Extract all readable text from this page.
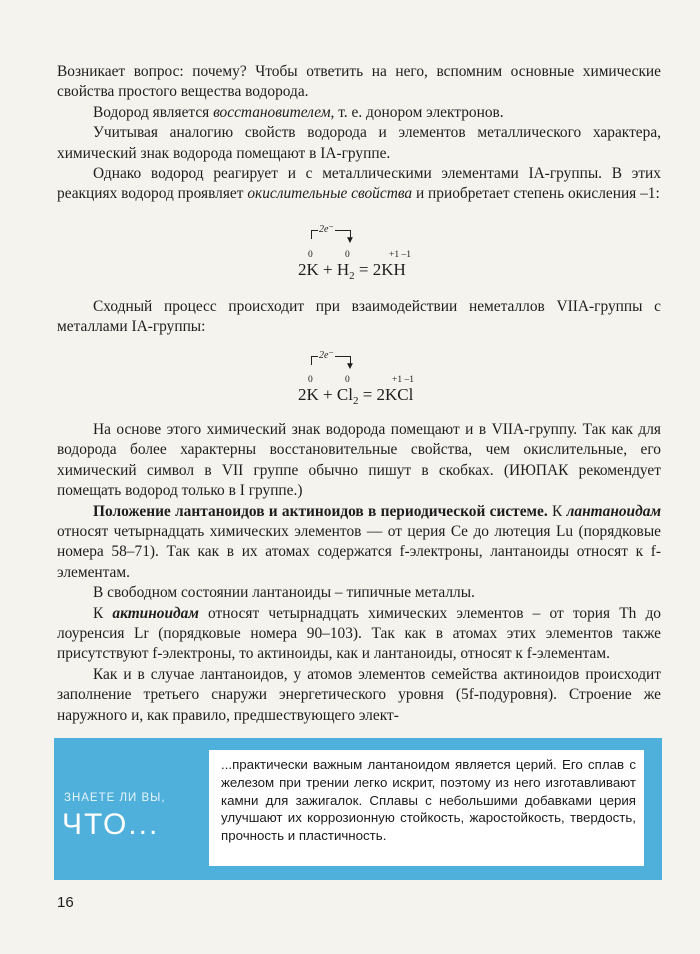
Возникает вопрос: почему? Чтобы ответить на него, вспомним основные химические свойства простого вещества водорода.

Водород является восстановителем, т. е. донором электронов.

Учитывая аналогию свойств водорода и элементов металлического характера, химический знак водорода помещают в IA-группе.

Однако водород реагирует и с металлическими элементами IA-группы. В этих реакциях водород проявляет окислительные свойства и приобретает степень окисления –1:

2e⁻
▼
0	0	+1 –1
$2K + H_2 = 2KH$

Сходный процесс происходит при взаимодействии неметаллов VIIA-группы с металлами IA-группы:

2e⁻
▼
0	0	+1 –1
$2K + Cl_2 = 2KCl$

На основе этого химический знак водорода помещают и в VIIA-группу. Так как для водорода более характерны восстановительные свойства, чем окислительные, его химический символ в VII группе обычно пишут в скобках. (ИЮПАК рекомендует помещать водород только в I группе.)

Положение лантаноидов и актиноидов в периодической системе. К лантаноидам относят четырнадцать химических элементов — от церия Ce до лютеция Lu (порядковые номера 58–71). Так как в их атомах содержатся f-электроны, лантаноиды относят к f-элементам.

В свободном состоянии лантаноиды – типичные металлы.

К актиноидам относят четырнадцать химических элементов – от тория Th до лоуренсия Lr (порядковые номера 90–103). Так как в атомах этих элементов также присутствуют f-электроны, то актиноиды, как и лантаноиды, относят к f-элементам.

Как и в случае лантаноидов, у атомов элементов семейства актиноидов происходит заполнение третьего снаружи энергетического уровня (5f-подуровня). Строение же наружного и, как правило, предшествующего элект-

ЗНАЕТЕ ЛИ ВЫ,
ЧТО...
...практически важным лантаноидом является церий. Его сплав с железом при трении легко искрит, поэтому из него изготавливают камни для зажигалок. Сплавы с небольшими добавками церия улучшают их коррозионную стойкость, жаростойкость, твердость, прочность и пластичность.
16
